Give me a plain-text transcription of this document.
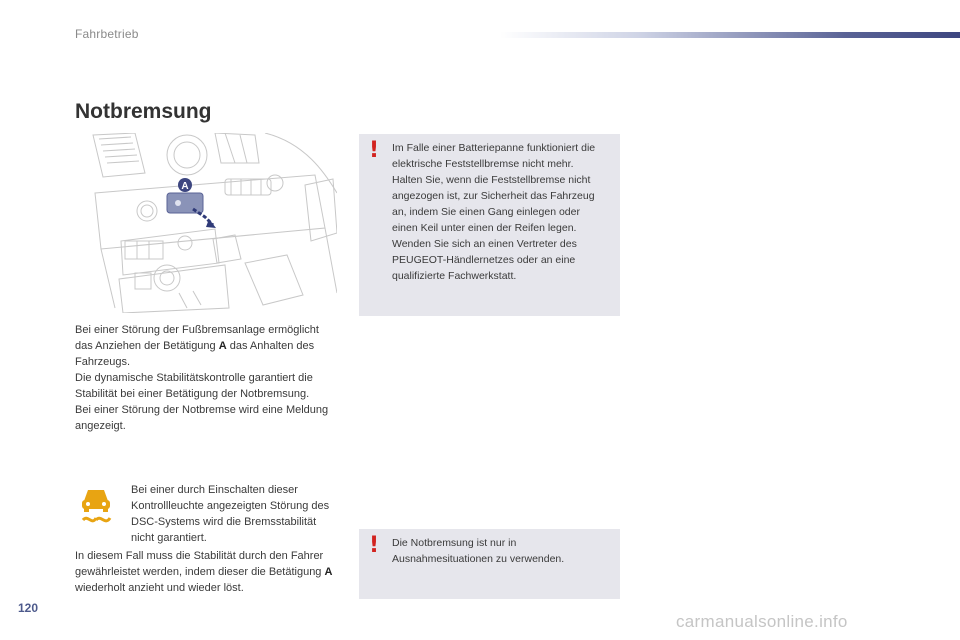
Fahrbetrieb
Notbremsung
A

Bei einer Störung der Fußbremsanlage ermöglicht das Anziehen der Betätigung A das Anhalten des Fahrzeugs.

Die dynamische Stabilitätskontrolle garantiert die Stabilität bei einer Betätigung der Notbremsung.

Bei einer Störung der Notbremse wird eine Meldung angezeigt.

Bei einer durch Einschalten dieser Kontrollleuchte angezeigten Störung des DSC-Systems wird die Bremsstabilität nicht garantiert.
In diesem Fall muss die Stabilität durch den Fahrer gewährleistet werden, indem dieser die Betätigung A wiederholt anzieht und wieder löst.
! Im Falle einer Batteriepanne funktioniert die elektrische Feststellbremse nicht mehr.

Halten Sie, wenn die Feststellbremse nicht angezogen ist, zur Sicherheit das Fahrzeug an, indem Sie einen Gang einlegen oder einen Keil unter einen der Reifen legen.

Wenden Sie sich an einen Vertreter des PEUGEOT-Händlernetzes oder an eine qualifizierte Fachwerkstatt.

! Die Notbremsung ist nur in Ausnahmesituationen zu verwenden.
120
carmanualsonline.info
